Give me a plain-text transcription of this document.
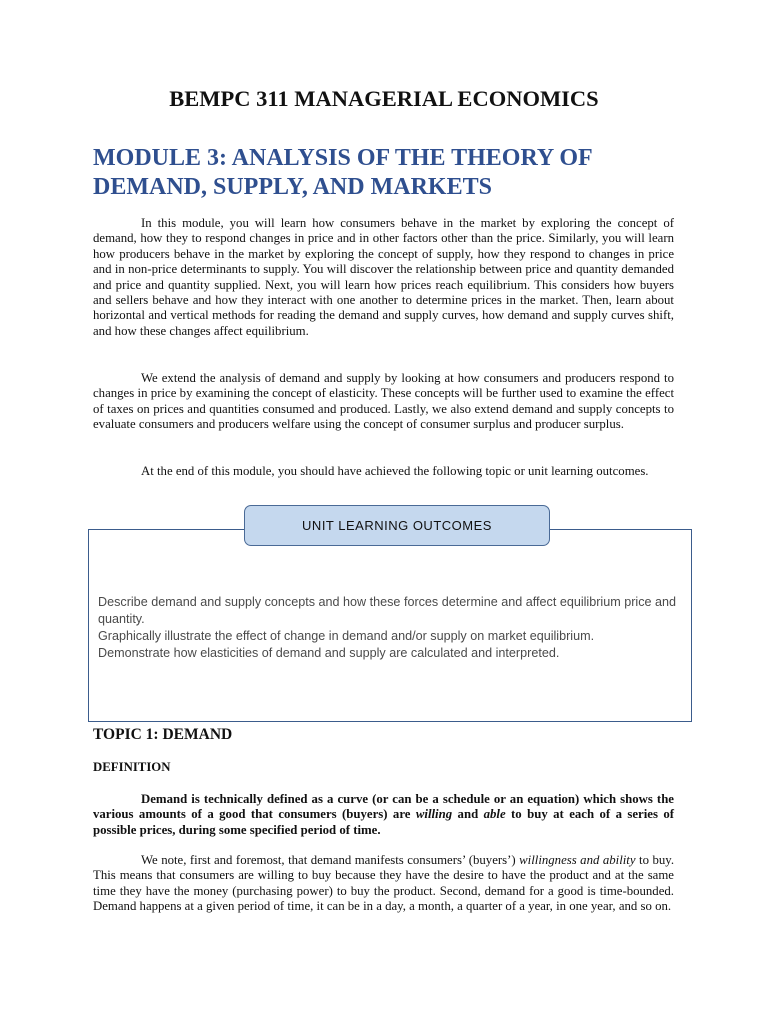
BEMPC 311 MANAGERIAL ECONOMICS
MODULE 3: ANALYSIS OF THE THEORY OF DEMAND, SUPPLY, AND MARKETS

In this module, you will learn how consumers behave in the market by exploring the concept of demand, how they to respond changes in price and in other factors other than the price. Similarly, you will learn how producers behave in the market by exploring the concept of supply, how they respond to changes in price and in non-price determinants to supply. You will discover the relationship between price and quantity demanded and price and quantity supplied. Next, you will learn how prices reach equilibrium. This considers how buyers and sellers behave and how they interact with one another to determine prices in the market. Then, learn about horizontal and vertical methods for reading the demand and supply curves, how demand and supply curves shift, and how these changes affect equilibrium.

We extend the analysis of demand and supply by looking at how consumers and producers respond to changes in price by examining the concept of elasticity. These concepts will be further used to examine the effect of taxes on prices and quantities consumed and produced. Lastly, we also extend demand and supply concepts to evaluate consumers and producers welfare using the concept of consumer surplus and producer surplus.

At the end of this module, you should have achieved the following topic or unit learning outcomes.

UNIT LEARNING OUTCOMES
Describe demand and supply concepts and how these forces determine and affect equilibrium price and quantity.
Graphically illustrate the effect of change in demand and/or supply on market equilibrium.
Demonstrate how elasticities of demand and supply are calculated and interpreted.
TOPIC 1: DEMAND
DEFINITION

Demand is technically defined as a curve (or can be a schedule or an equation) which shows the various amounts of a good that consumers (buyers) are willing and able to buy at each of a series of possible prices, during some specified period of time.

We note, first and foremost, that demand manifests consumers’ (buyers’) willingness and ability to buy. This means that consumers are willing to buy because they have the desire to have the product and at the same time they have the money (purchasing power) to buy the product. Second, demand for a good is time-bounded. Demand happens at a given period of time, it can be in a day, a month, a quarter of a year, in one year, and so on.
